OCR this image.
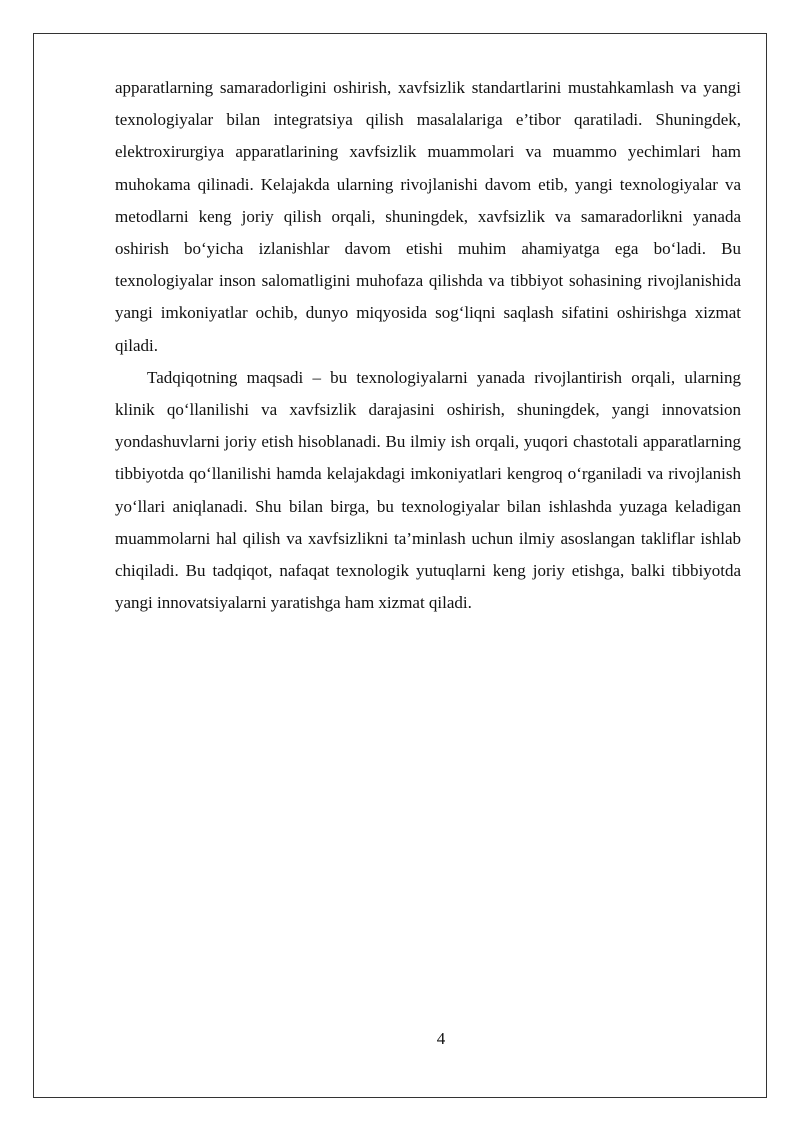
apparatlarning samaradorligini oshirish, xavfsizlik standartlarini mustahkamlash va yangi texnologiyalar bilan integratsiya qilish masalalariga e’tibor qaratiladi. Shuningdek, elektroxirurgiya apparatlarining xavfsizlik muammolari va muammo yechimlari ham muhokama qilinadi. Kelajakda ularning rivojlanishi davom etib, yangi texnologiyalar va metodlarni keng joriy qilish orqali, shuningdek, xavfsizlik va samaradorlikni yanada oshirish bo‘yicha izlanishlar davom etishi muhim ahamiyatga ega bo‘ladi. Bu texnologiyalar inson salomatligini muhofaza qilishda va tibbiyot sohasining rivojlanishida yangi imkoniyatlar ochib, dunyo miqyosida sog‘liqni saqlash sifatini oshirishga xizmat qiladi.

Tadqiqotning maqsadi – bu texnologiyalarni yanada rivojlantirish orqali, ularning klinik qo‘llanilishi va xavfsizlik darajasini oshirish, shuningdek, yangi innovatsion yondashuvlarni joriy etish hisoblanadi. Bu ilmiy ish orqali, yuqori chastotali apparatlarning tibbiyotda qo‘llanilishi hamda kelajakdagi imkoniyatlari kengroq o‘rganiladi va rivojlanish yo‘llari aniqlanadi. Shu bilan birga, bu texnologiyalar bilan ishlashda yuzaga keladigan muammolarni hal qilish va xavfsizlikni ta’minlash uchun ilmiy asoslangan takliflar ishlab chiqiladi. Bu tadqiqot, nafaqat texnologik yutuqlarni keng joriy etishga, balki tibbiyotda yangi innovatsiyalarni yaratishga ham xizmat qiladi.

4
